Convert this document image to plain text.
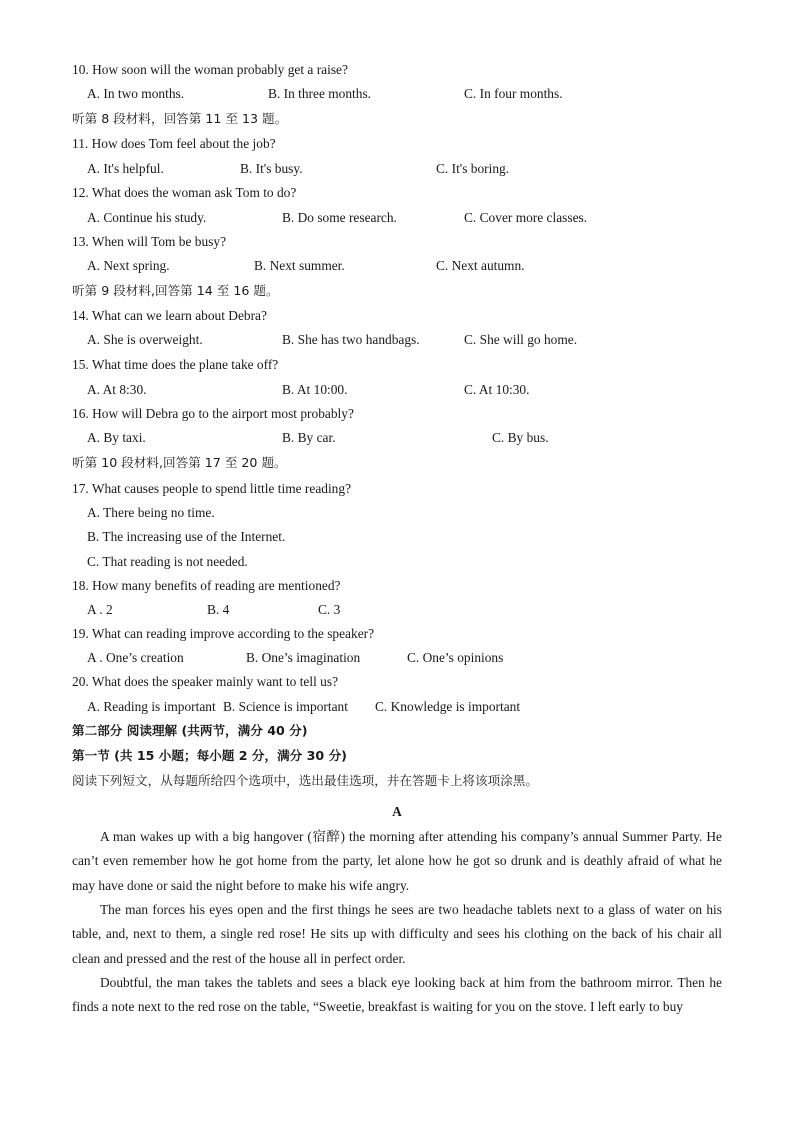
10. How soon will the woman probably get a raise?
A. In two months.	B. In three months.	C. In four months.
听第 8 段材料，回答第 11 至 13 题。
11. How does Tom feel about the job?
A. It's helpful.	B. It's busy.	C. It's boring.
12. What does the woman ask Tom to do?
A. Continue his study.	B. Do some research.	C. Cover more classes.
13. When will Tom be busy?
A. Next spring.	B. Next summer.	C. Next autumn.
听第 9 段材料,回答第 14 至 16 题。
14. What can we learn about Debra?
A. She is overweight.	B. She has two handbags.	C. She will go home.
15. What time does the plane take off?
A. At 8:30.	B. At 10:00.	C. At 10:30.
16. How will Debra go to the airport most probably?
A. By taxi.	B. By car.	C. By bus.
听第 10 段材料,回答第 17 至 20 题。
17. What causes people to spend little time reading?
A. There being no time.
B. The increasing use of the Internet.
C. That reading is not needed.
18. How many benefits of reading are mentioned?
A . 2	B. 4	C. 3
19. What can reading improve according to the speaker?
A . One’s creation	B. One’s imagination	C. One’s opinions
20. What does the speaker mainly want to tell us?
A. Reading is important B. Science is important C. Knowledge is important
第二部分 阅读理解 (共两节，满分 40 分)
第一节 (共 15 小题；每小题 2 分，满分 30 分)
阅读下列短文，从每题所给四个选项中，选出最佳选项，并在答题卡上将该项涂黑。
A
A man wakes up with a big hangover (宿醉) the morning after attending his company’s annual Summer Party. He can’t even remember how he got home from the party, let alone how he got so drunk and is deathly afraid of what he may have done or said the night before to make his wife angry.
The man forces his eyes open and the first things he sees are two headache tablets next to a glass of water on his table, and, next to them, a single red rose! He sits up with difficulty and sees his clothing on the back of his chair all clean and pressed and the rest of the house all in perfect order.
Doubtful, the man takes the tablets and sees a black eye looking back at him from the bathroom mirror. Then he finds a note next to the red rose on the table, “Sweetie, breakfast is waiting for you on the stove. I left early to buy
